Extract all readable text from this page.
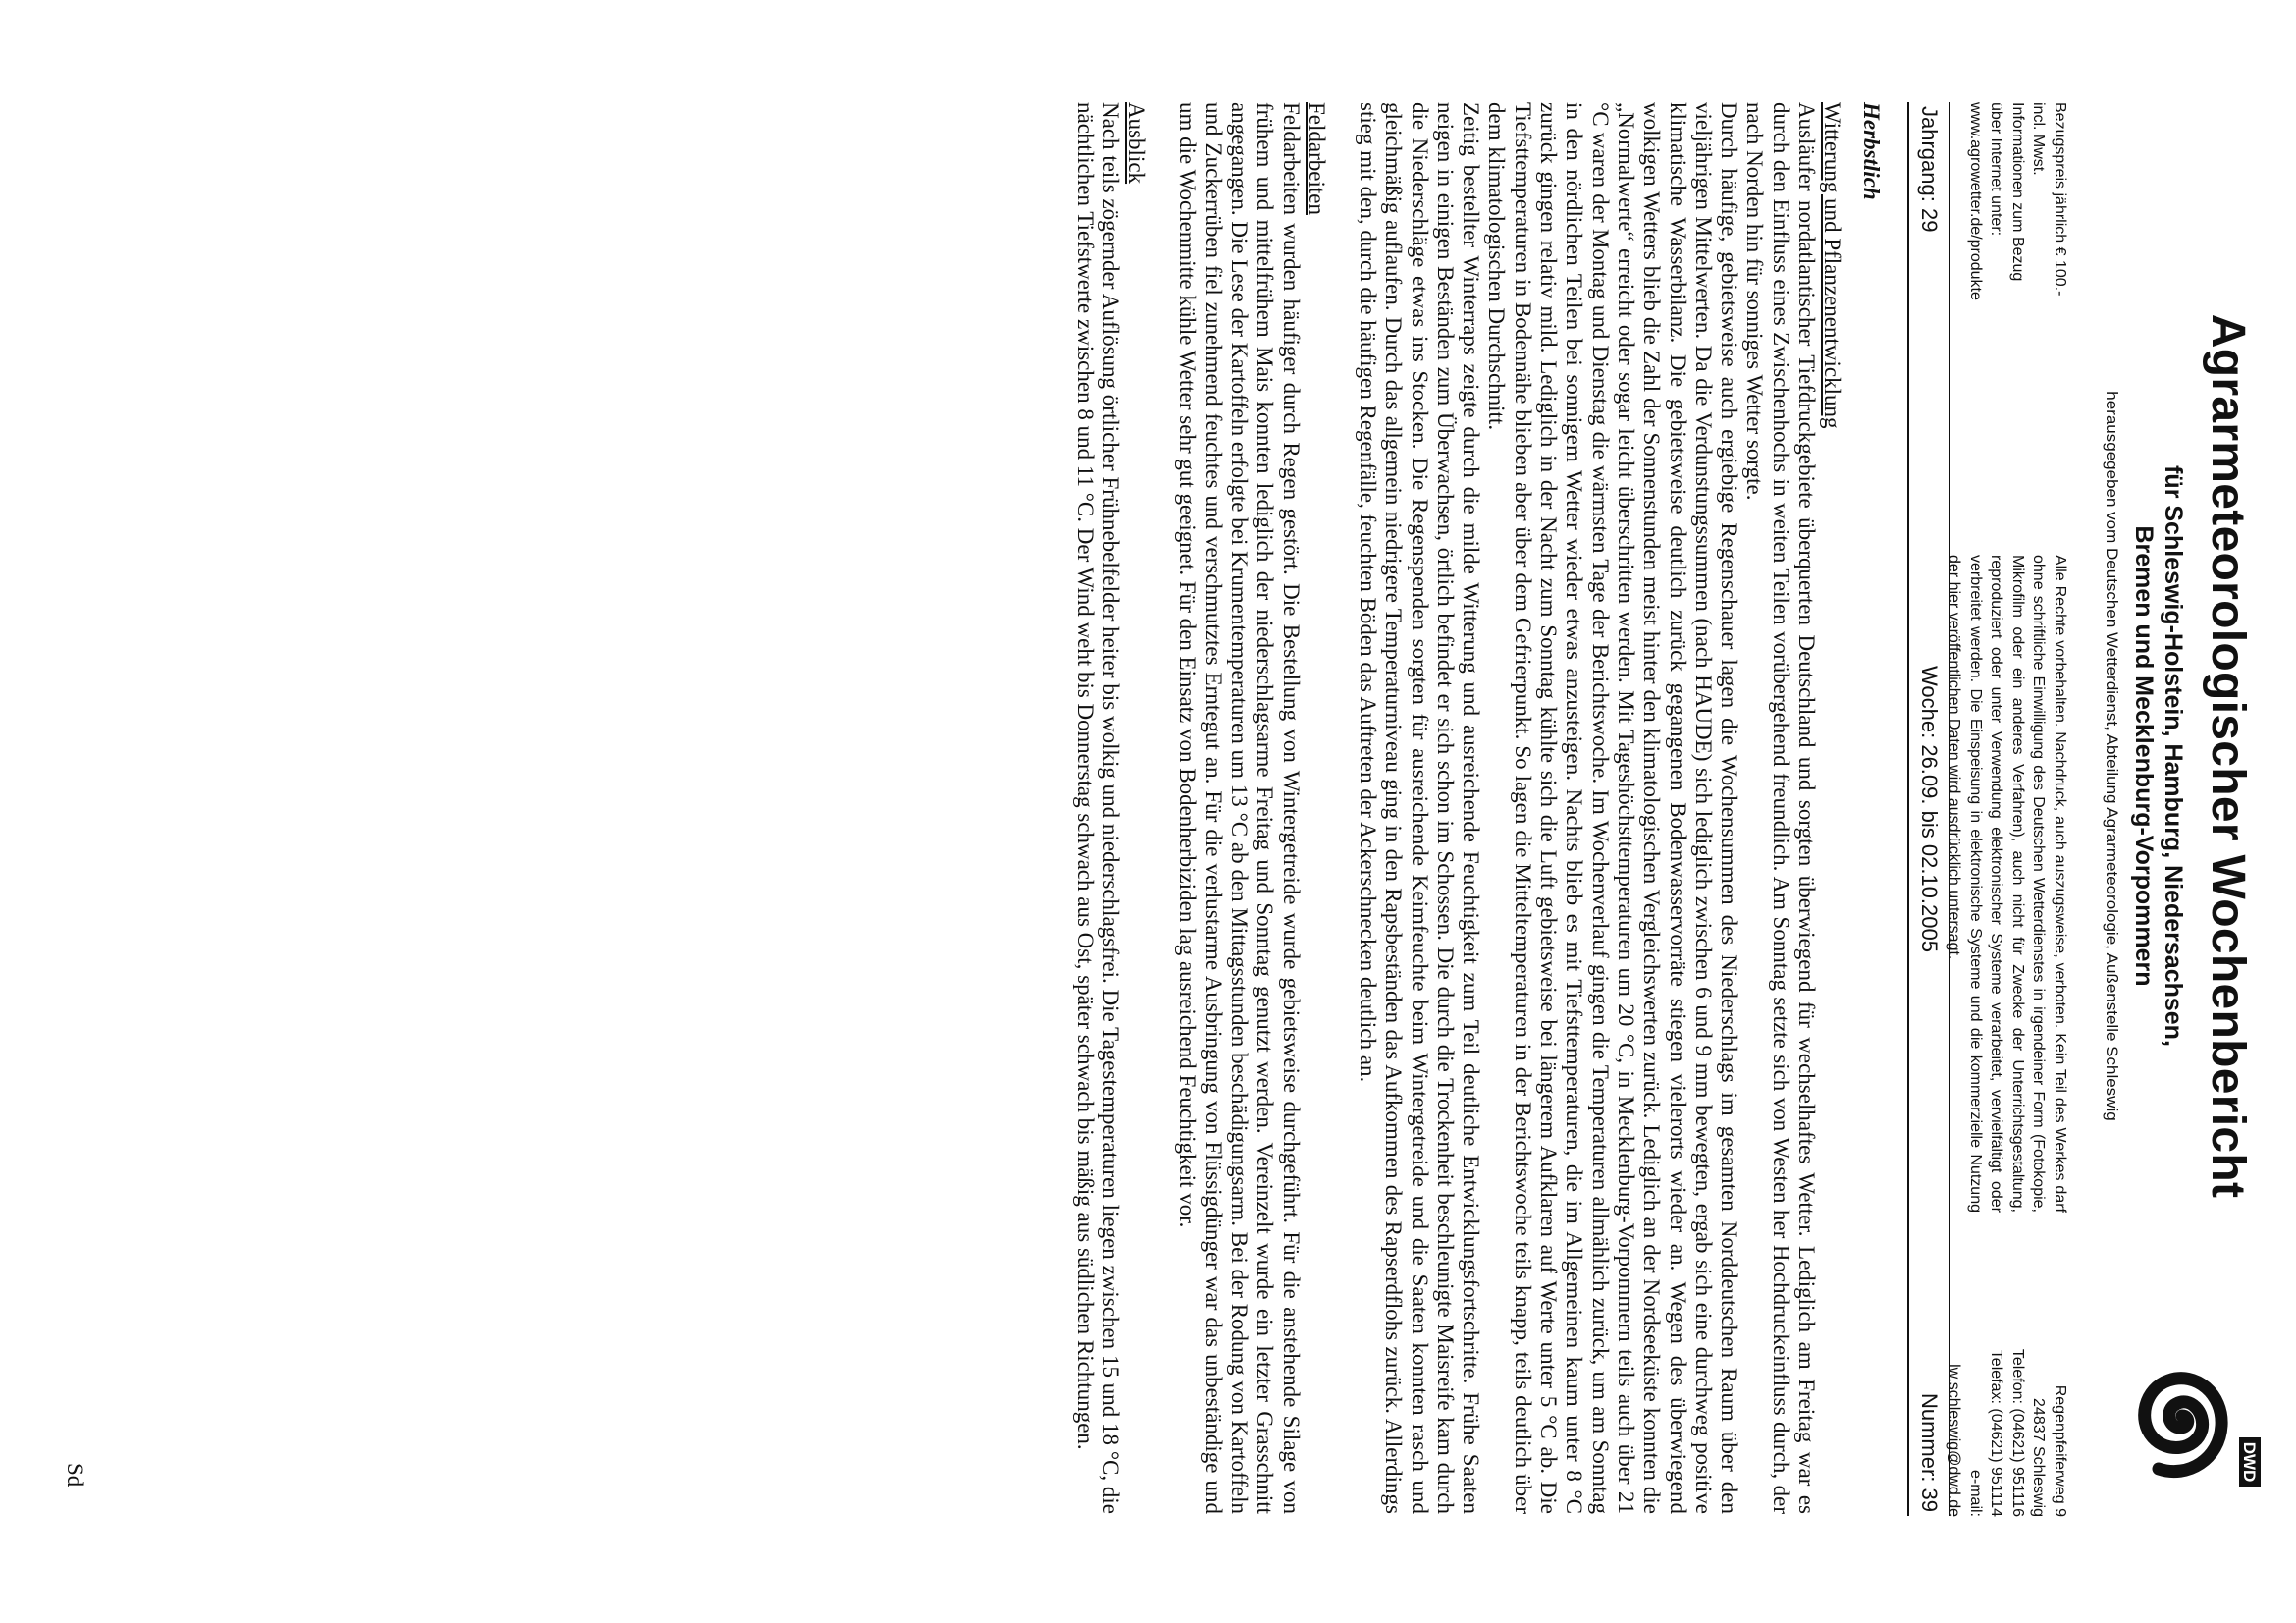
Agrarmeteorologischer Wochenbericht
für Schleswig-Holstein, Hamburg, Niedersachsen,
Bremen und Mecklenburg-Vorpommern
herausgegeben vom Deutschen Wetterdienst, Abteilung Agrarmeteorologie, Außenstelle Schleswig
DWD
Bezugspreis jährlich € 100.-
incl. Mwst.
Informationen zum Bezug
über Internet unter:
www.agrowetter.de/produkte
Alle Rechte vorbehalten. Nachdruck, auch auszugsweise, verboten. Kein Teil des Werkes darf ohne schriftliche Einwilligung des Deutschen Wetterdienstes in irgendeiner Form (Fotokopie, Mikrofilm oder ein anderes Verfahren), auch nicht für Zwecke der Unterrichtsgestaltung, reproduziert oder unter Verwendung elektronischer Systeme verarbeitet, vervielfältigt oder verbreitet werden. Die Einspeisung in elektronische Systeme und die kommerzielle Nutzung der hier veröffentlichen Daten wird ausdrücklich untersagt.
Regenpfeiferweg 9
24837 Schleswig
Telefon: (04621) 951116
Telefax: (04621) 951114
e-mail:
lw.schleswig@dwd.de
Woche: 26.09. bis 02.10.2005
Jahrgang: 29
Nummer: 39
Herbstlich
Witterung und Pflanzenentwicklung

Ausläufer nordatlantischer Tiefdruckgebiete überquerten Deutschland und sorgten überwiegend für wechselhaftes Wetter. Lediglich am Freitag war es durch den Einfluss eines Zwischenhochs in weiten Teilen vorübergehend freundlich. Am Sonntag setzte sich von Westen her Hochdruckeinfluss durch, der nach Norden hin für sonniges Wetter sorgte.

Durch häufige, gebietsweise auch ergiebige Regenschauer lagen die Wochensummen des Niederschlags im gesamten Norddeutschen Raum über den vieljährigen Mittelwerten. Da die Verdunstungssummen (nach HAUDE) sich lediglich zwischen 6 und 9 mm bewegten, ergab sich eine durchweg positive klimatische Wasserbilanz. Die gebietsweise deutlich zurück gegangenen Bodenwasservorräte stiegen vielerorts wieder an. Wegen des überwiegend wolkigen Wetters blieb die Zahl der Sonnenstunden meist hinter den klimatologischen Vergleichswerten zurück. Lediglich an der Nordseeküste konnten die „Normalwerte“ erreicht oder sogar leicht überschritten werden. Mit Tageshöchsttemperaturen um 20 °C, in Mecklenburg-Vorpommern teils auch über 21 °C waren der Montag und Dienstag die wärmsten Tage der Berichtswoche. Im Wochenverlauf gingen die Temperaturen allmählich zurück, um am Sonntag in den nördlichen Teilen bei sonnigem Wetter wieder etwas anzusteigen. Nachts blieb es mit Tiefsttemperaturen, die im Allgemeinen kaum unter 8 °C zurück gingen relativ mild. Lediglich in der Nacht zum Sonntag kühlte sich die Luft gebietsweise bei längerem Aufklaren auf Werte unter 5 °C ab. Die Tiefsttemperaturen in Bodennähe blieben aber über dem Gefrierpunkt. So lagen die Mitteltemperaturen in der Berichtswoche teils knapp, teils deutlich über dem klimatologischen Durchschnitt.

Zeitig bestellter Winterraps zeigte durch die milde Witterung und ausreichende Feuchtigkeit zum Teil deutliche Entwicklungsfortschritte. Frühe Saaten neigen in einigen Beständen zum Überwachsen, örtlich befindet er sich schon im Schossen. Die durch die Trockenheit beschleunigte Maisreife kam durch die Niederschläge etwas ins Stocken. Die Regenspenden sorgten für ausreichende Keimfeuchte beim Wintergetreide und die Saaten konnten rasch und gleichmäßig auflaufen. Durch das allgemein niedrigere Temperaturniveau ging in den Rapsbeständen das Aufkommen des Rapserdflohs zurück. Allerdings stieg mit den, durch die häufigen Regenfälle, feuchten Böden das Auftreten der Ackerschnecken deutlich an.

Feldarbeiten

Feldarbeiten wurden häufiger durch Regen gestört. Die Bestellung von Wintergetreide wurde gebietsweise durchgeführt. Für die anstehende Silage von frühem und mittelfrühem Mais konnten lediglich der niederschlagsarme Freitag und Sonntag genutzt werden. Vereinzelt wurde ein letzter Grasschnitt angegangen. Die Lese der Kartoffeln erfolgte bei Krumentemperaturen um 13 °C ab den Mittagsstunden beschädigungsarm. Bei der Rodung von Kartoffeln und Zuckerrüben fiel zunehmend feuchtes und verschmutztes Erntegut an. Für die verlustarme Ausbringung von Flüssigdünger war das unbeständige und um die Wochenmitte kühle Wetter sehr gut geeignet. Für den Einsatz von Bodenherbiziden lag ausreichend Feuchtigkeit vor.

Ausblick

Nach teils zögernder Auflösung örtlicher Frühnebelfelder heiter bis wolkig und niederschlagsfrei. Die Tagestemperaturen liegen zwischen 15 und 18 °C, die nächtlichen Tiefstwerte zwischen 8 und 11 °C. Der Wind weht bis Donnerstag schwach aus Ost, später schwach bis mäßig aus südlichen Richtungen.

Sd
